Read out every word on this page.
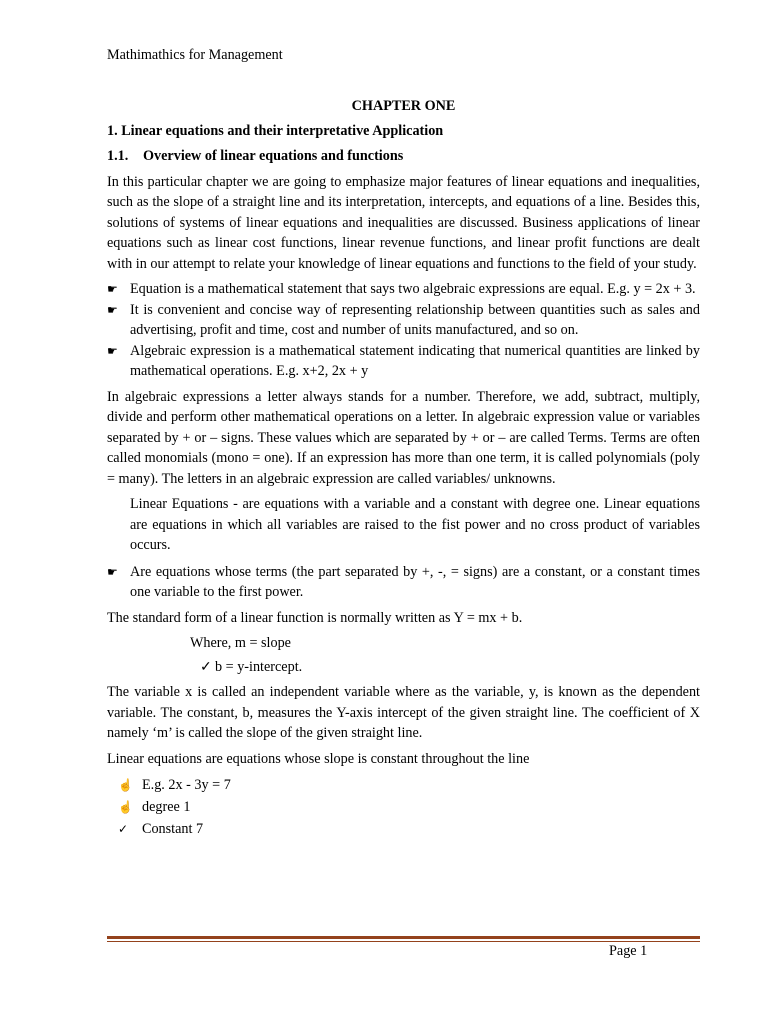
Mathimathics for Management
CHAPTER ONE
1. Linear equations and their interpretative Application
1.1. Overview of linear equations and functions

In this particular chapter we are going to emphasize major features of linear equations and inequalities, such as the slope of a straight line and its interpretation, intercepts, and equations of a line. Besides this, solutions of systems of linear equations and inequalities are discussed. Business applications of linear equations such as linear cost functions, linear revenue functions, and linear profit functions are dealt with in our attempt to relate your knowledge of linear equations and functions to the field of your study.

☛ Equation is a mathematical statement that says two algebraic expressions are equal. E.g. y = 2x + 3.
☛ It is convenient and concise way of representing relationship between quantities such as sales and advertising, profit and time, cost and number of units manufactured, and so on.
☛ Algebraic expression is a mathematical statement indicating that numerical quantities are linked by mathematical operations. E.g. x+2, 2x + y

In algebraic expressions a letter always stands for a number. Therefore, we add, subtract, multiply, divide and perform other mathematical operations on a letter. In algebraic expression value or variables separated by + or – signs. These values which are separated by + or – are called Terms. Terms are often called monomials (mono = one). If an expression has more than one term, it is called polynomials (poly = many). The letters in an algebraic expression are called variables/ unknowns.

Linear Equations - are equations with a variable and a constant with degree one. Linear equations are equations in which all variables are raised to the fist power and no cross product of variables occurs.
☛ Are equations whose terms (the part separated by +, -, = signs) are a constant, or a constant times one variable to the first power.

The standard form of a linear function is normally written as Y = mx + b.

Where, m = slope
✓ b = y-intercept.

The variable x is called an independent variable where as the variable, y, is known as the dependent variable. The constant, b, measures the Y-axis intercept of the given straight line. The coefficient of X namely ‘m’ is called the slope of the given straight line.

Linear equations are equations whose slope is constant throughout the line

☝ E.g. 2x - 3y = 7
☝ degree 1
✓ Constant 7
Page 1
